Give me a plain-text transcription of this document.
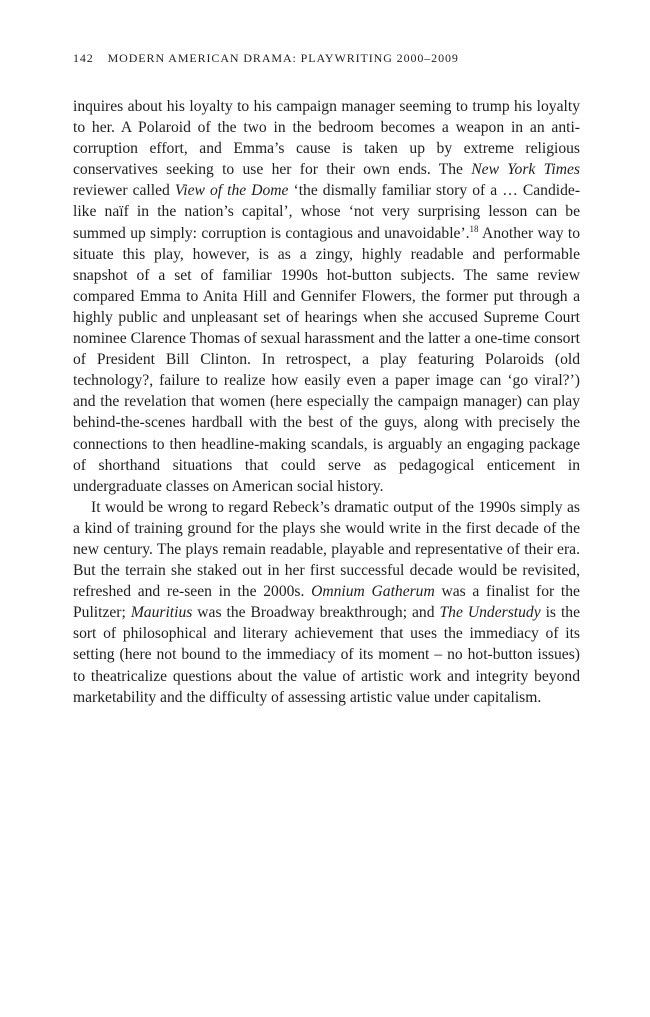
142 MODERN AMERICAN DRAMA: PLAYWRITING 2000–2009

inquires about his loyalty to his campaign manager seeming to trump his loyalty to her. A Polaroid of the two in the bedroom becomes a weapon in an anti-corruption effort, and Emma’s cause is taken up by extreme religious conservatives seeking to use her for their own ends. The New York Times reviewer called View of the Dome ‘the dismally familiar story of a … Candide-like naïf in the nation’s capital’, whose ‘not very surprising lesson can be summed up simply: corruption is contagious and unavoidable’.$^{18}$ Another way to situate this play, however, is as a zingy, highly readable and performable snapshot of a set of familiar 1990s hot-button subjects. The same review compared Emma to Anita Hill and Gennifer Flowers, the former put through a highly public and unpleasant set of hearings when she accused Supreme Court nominee Clarence Thomas of sexual harassment and the latter a one-time consort of President Bill Clinton. In retrospect, a play featuring Polaroids (old technology?, failure to realize how easily even a paper image can ‘go viral?’) and the revelation that women (here especially the campaign manager) can play behind-the-scenes hardball with the best of the guys, along with precisely the connections to then headline-making scandals, is arguably an engaging package of shorthand situations that could serve as pedagogical enticement in undergraduate classes on American social history.

It would be wrong to regard Rebeck’s dramatic output of the 1990s simply as a kind of training ground for the plays she would write in the first decade of the new century. The plays remain readable, playable and representative of their era. But the terrain she staked out in her first successful decade would be revisited, refreshed and re-seen in the 2000s. Omnium Gatherum was a finalist for the Pulitzer; Mauritius was the Broadway breakthrough; and The Understudy is the sort of philosophical and literary achievement that uses the immediacy of its setting (here not bound to the immediacy of its moment – no hot-button issues) to theatricalize questions about the value of artistic work and integrity beyond marketability and the difficulty of assessing artistic value under capitalism.
